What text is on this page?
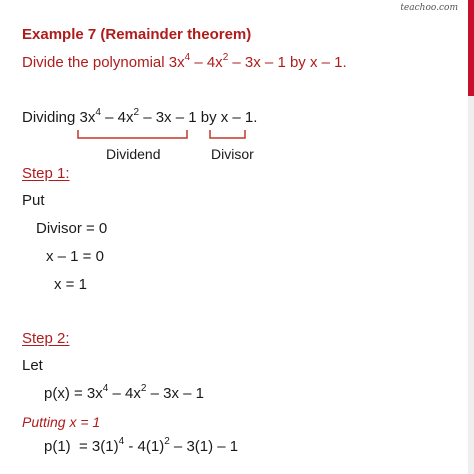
teachoo.com
Example 7 (Remainder theorem)
Divide the polynomial $3x^4 - 4x^2 - 3x - 1$ by x – 1.
Dividing $3x^4 - 4x^2 - 3x - 1$ by x – 1.
Dividend	Divisor
Step 1:
Put
Divisor = 0
x – 1 = 0
x = 1
Step 2:
Let
$p(x) = 3x^4 - 4x^2 - 3x - 1$
Putting x = 1
$p(1) = 3(1)^4 - 4(1)^2 - 3(1) - 1$
